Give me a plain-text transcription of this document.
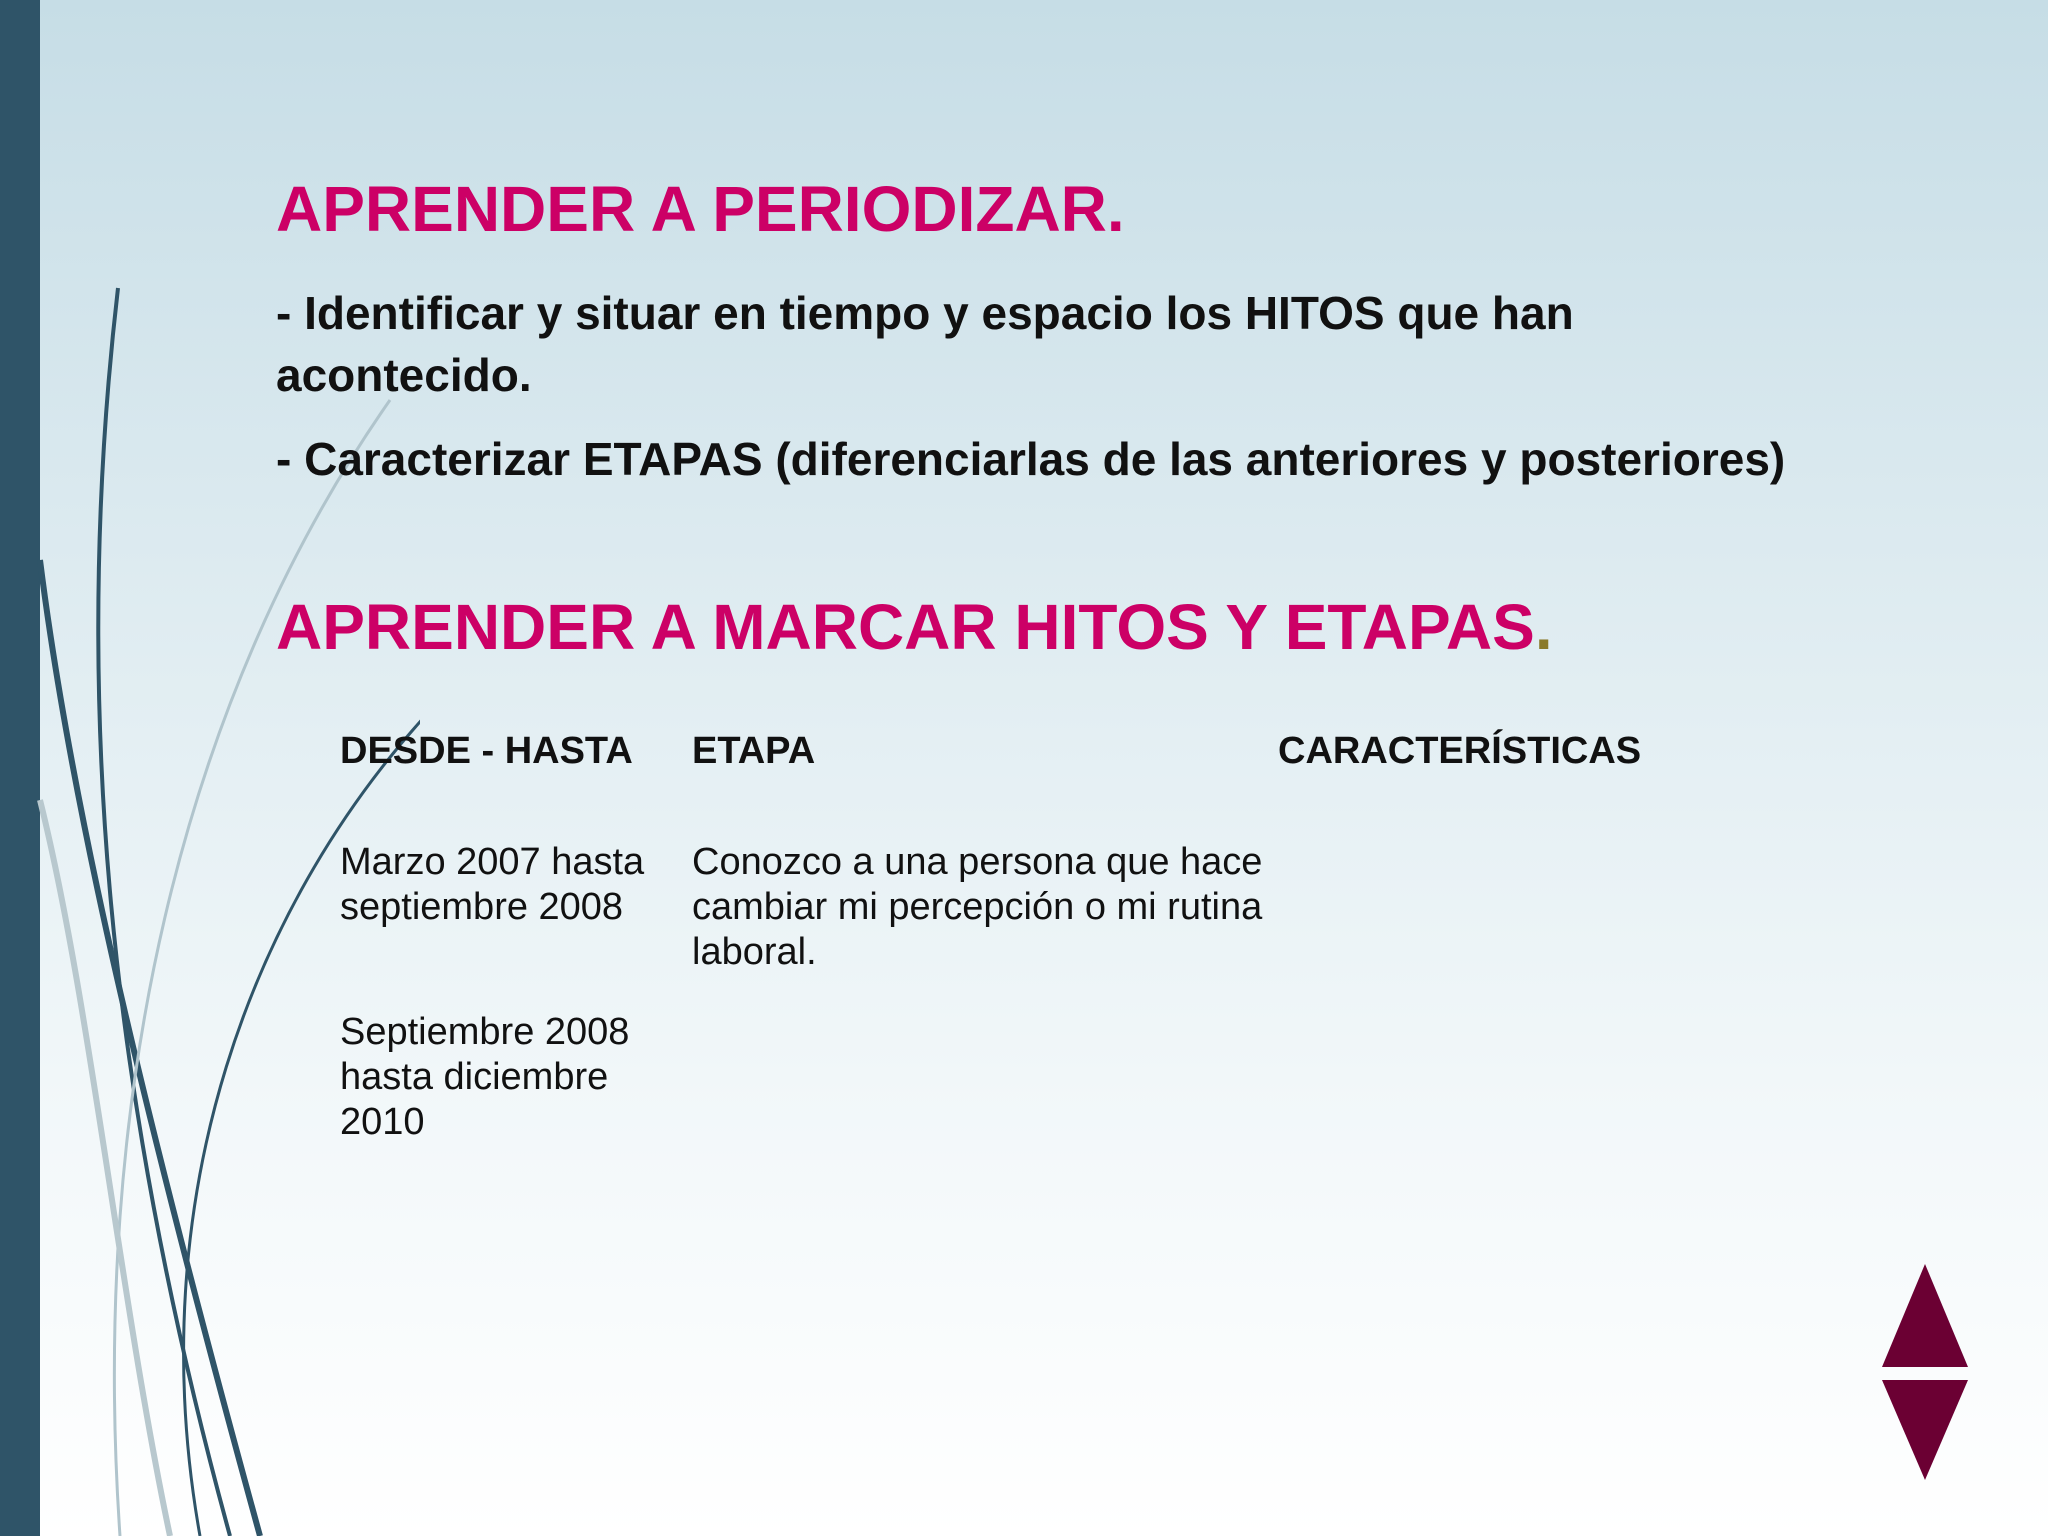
APRENDER A PERIODIZAR.

- Identificar y situar en tiempo y espacio los HITOS que han acontecido.

- Caracterizar ETAPAS (diferenciarlas de las anteriores y posteriores)

APRENDER A MARCAR HITOS Y ETAPAS.
DESDE - HASTA ETAPA	CARACTERÍSTICAS
Marzo 2007 hasta septiembre 2008
Conozco a una persona que hace cambiar mi percepción o mi rutina laboral.
Septiembre 2008 hasta diciembre 2010
